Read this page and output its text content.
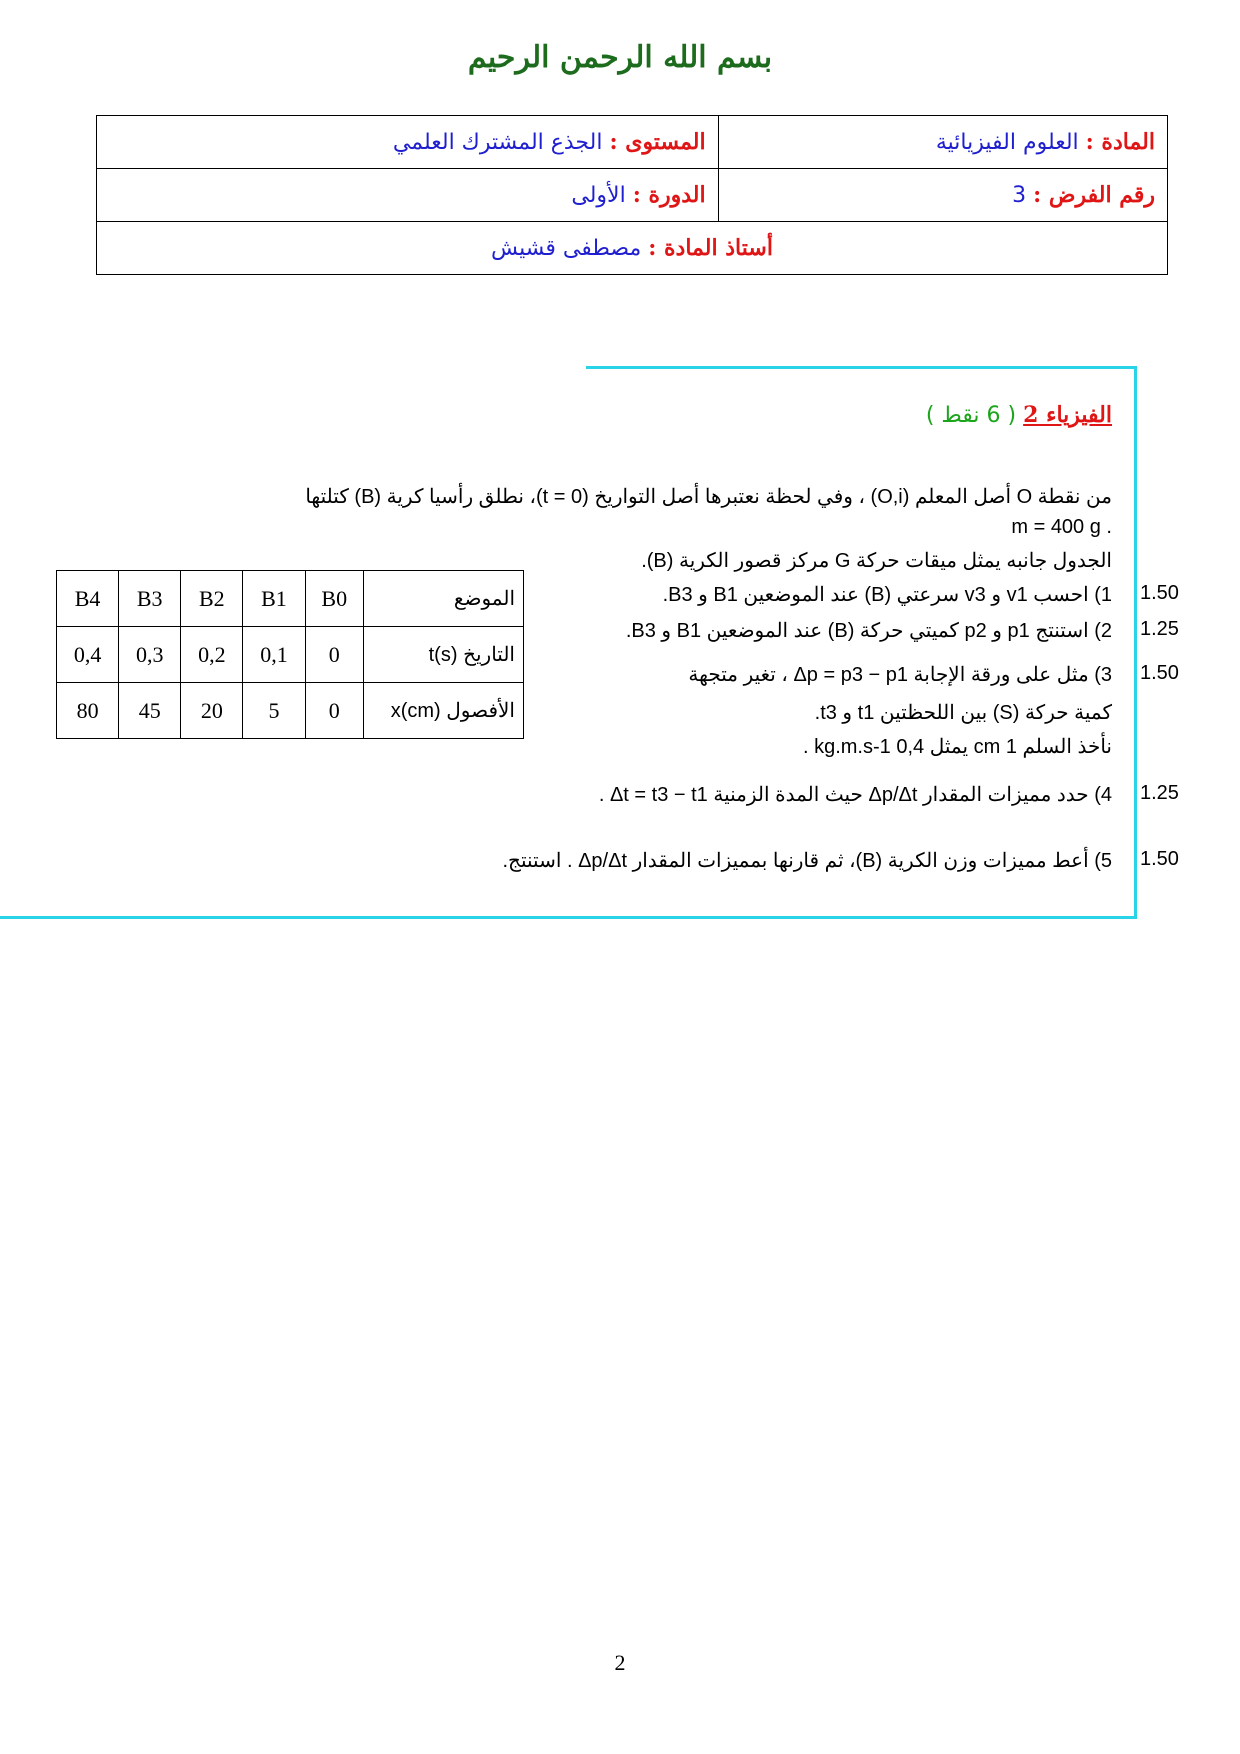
بسم الله الرحمن الرحيم
المادة : العلوم الفيزيائية	المستوى : الجذع المشترك العلمي
رقم الفرض : 3	الدورة : الأولى
أستاذ المادة : مصطفى قشيش	
الفيزياء 2 ( 6 نقط )
من نقطة O أصل المعلم (O,i) ، وفي لحظة نعتبرها أصل التواريخ (t = 0)، نطلق رأسيا كرية (B) كتلتها
. m = 400 g
الجدول جانبه يمثل ميقات حركة G مركز قصور الكرية (B).
1) احسب v1 و v3 سرعتي (B) عند الموضعين B1 و B3. 1.50
2) استنتج p1 و p2 كميتي حركة (B) عند الموضعين B1 و B3. 1.25
3) مثل على ورقة الإجابة Δp = p3 − p1 ، تغير متجهة 1.50
كمية حركة (S) بين اللحظتين t1 و t3.
نأخذ السلم 1 cm يمثل 0,4 kg.m.s-1 .
4) حدد مميزات المقدار Δp/Δt حيث المدة الزمنية Δt = t3 − t1 . 1.25
5) أعط مميزات وزن الكرية (B)، ثم قارنها بمميزات المقدار Δp/Δt . استنتج. 1.50
B4	B3	B2	B1	B0	الموضع
0,4	0,3	0,2	0,1	0	التاريخ t(s)
80	45	20	5	0	الأفصول x(cm)
2
